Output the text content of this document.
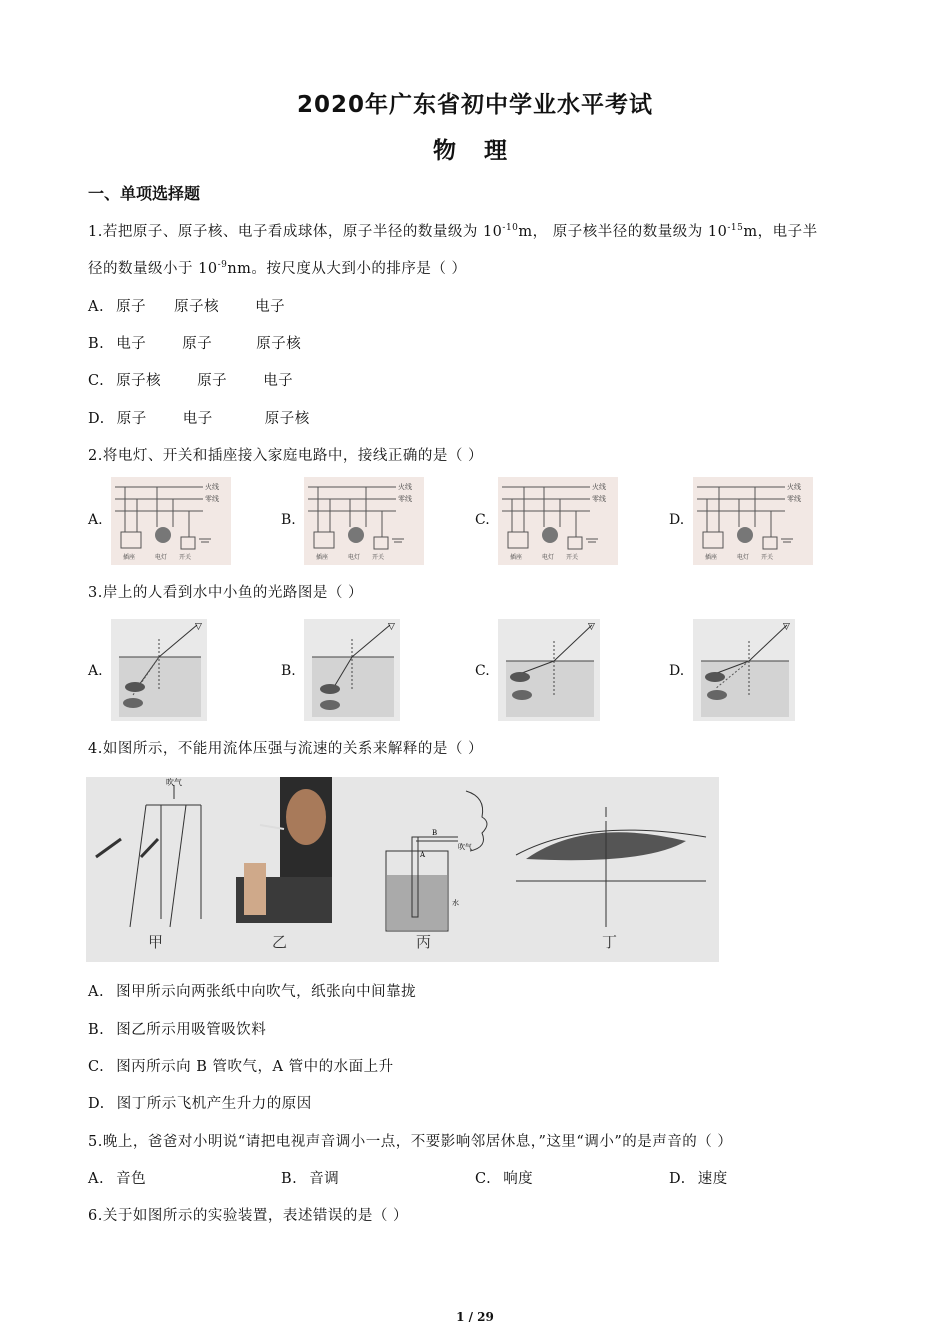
2020年广东省初中学业水平考试
物 理
一、单项选择题
1.若把原子、原子核、电子看成球体，原子半径的数量级为 $10^{-10}m$， 原子核半径的数量级为 $10^{-15}m$，电子半
径的数量级小于 $10^{-9}nm$。按尺度从大到小的排序是（ ）
A. 原子 原子核 电子
B. 电子 原子	原子核
C. 原子核 原子 电子
D. 原子 电子	原子核
2.将电灯、开关和插座接入家庭电路中，接线正确的是（ ）
A.	B.	C.	D.
火线
零线
插座	电灯 开关
火线
零线
插座	电灯 开关
火线
零线
插座	电灯 开关
火线
零线
插座	电灯 开关
3.岸上的人看到水中小鱼的光路图是（ ）
A.	B.	C.	D.
▽	▽	▽	▽
4.如图所示，不能用流体压强与流速的关系来解释的是（ ）
吹气
甲	乙
A
B
吹气
水
丙	丁
A. 图甲所示向两张纸中向吹气，纸张向中间靠拢
B. 图乙所示用吸管吸饮料
C. 图丙所示向 B 管吹气，A 管中的水面上升
D. 图丁所示飞机产生升力的原因
5.晚上，爸爸对小明说“请把电视声音调小一点，不要影响邻居休息，”这里“调小”的是声音的（ ）
A. 音色	B. 音调	C. 响度	D. 速度
6.关于如图所示的实验装置，表述错误的是（ ）
1 / 29
